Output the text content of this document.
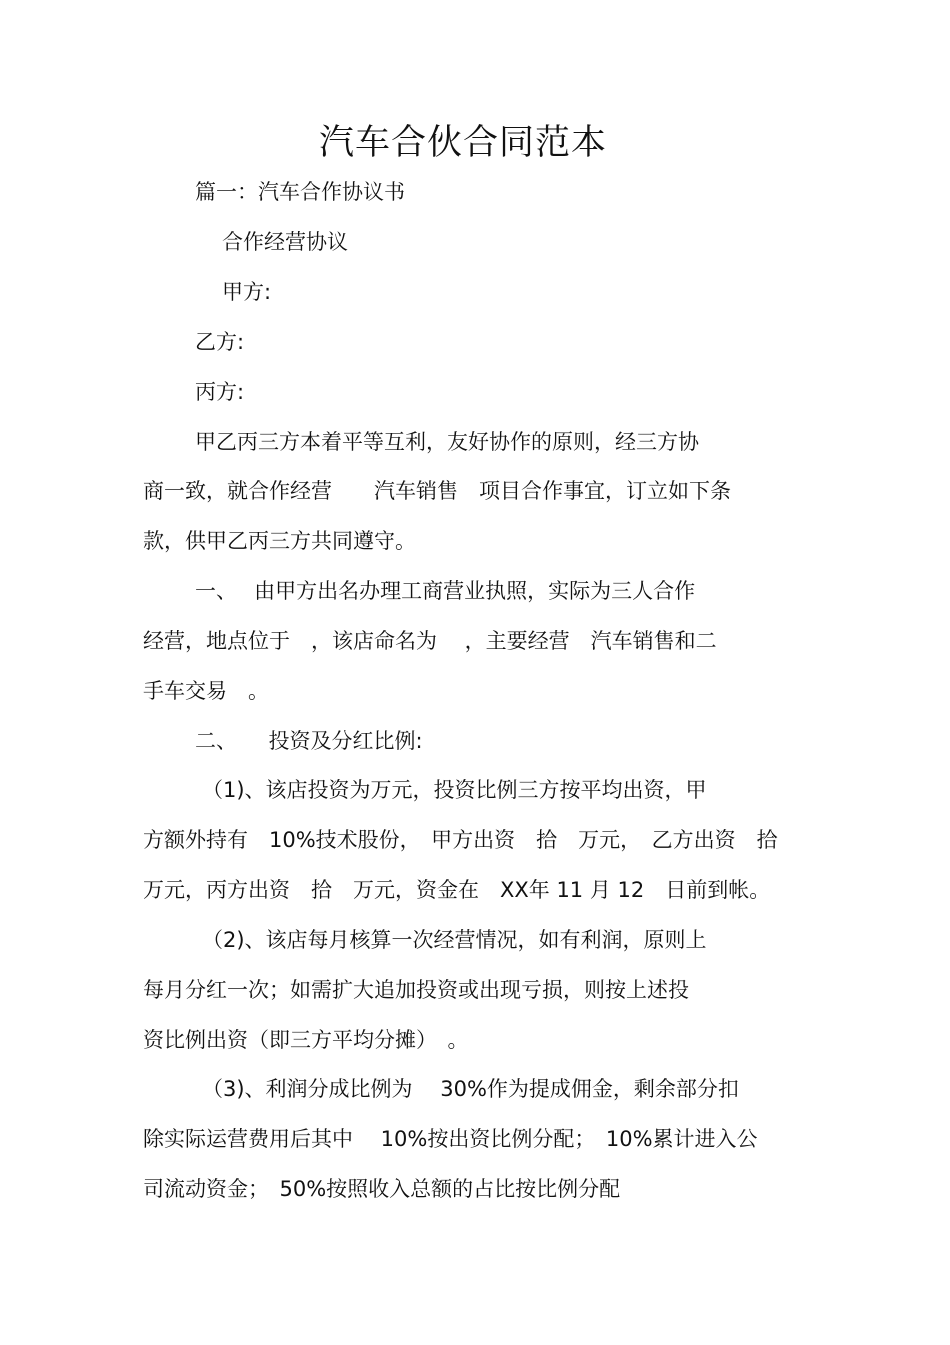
汽车合伙合同范本
篇一：汽车合作协议书
合作经营协议
甲方:
乙方:
丙方:
甲乙丙三方本着平等互利，友好协作的原则，经三方协
商一致，就合作经营　　汽车销售　项目合作事宜，订立如下条
款，供甲乙丙三方共同遵守。
一、　 由甲方出名办理工商营业执照，实际为三人合作
经营，地点位于　，该店命名为　 ，主要经营　汽车销售和二
手车交易　。
二、　　投资及分红比例:
（1)、该店投资为万元，投资比例三方按平均出资，甲
方额外持有　10%技术股份，　甲方出资　拾　万元，　乙方出资　拾
万元，丙方出资　拾　万元，资金在　XX年 11 月 12　日前到帐。
（2)、该店每月核算一次经营情况，如有利润，原则上
每月分红一次；如需扩大追加投资或出现亏损，则按上述投
资比例出资（即三方平均分摊）　。
（3)、利润分成比例为　 30%作为提成佣金，剩余部分扣
除实际运营费用后其中　 10%按出资比例分配；　10%累计进入公
司流动资金；　50%按照收入总额的占比按比例分配
